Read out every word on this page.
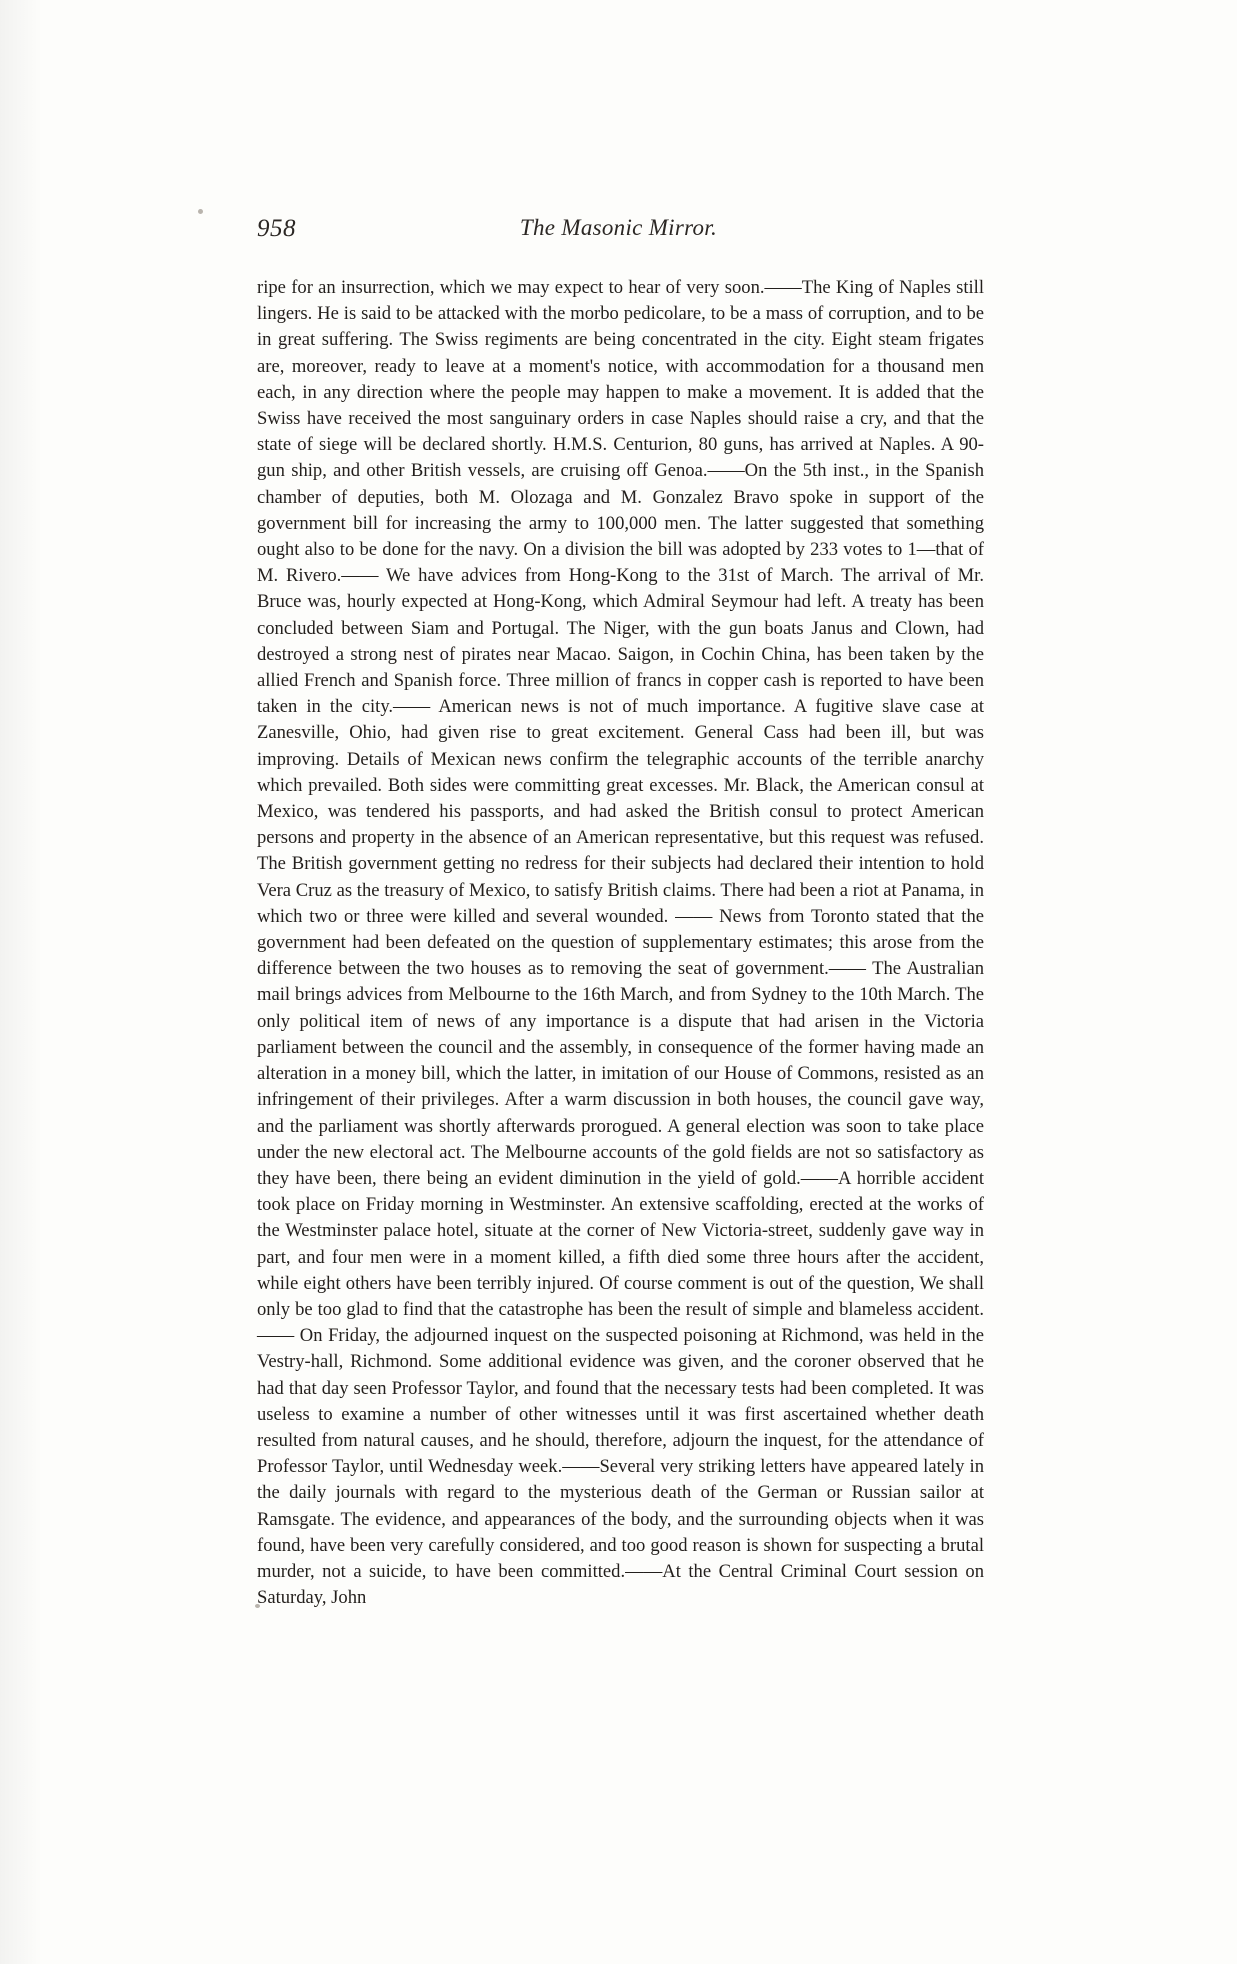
958	The Masonic Mirror.

ripe for an insurrection, which we may expect to hear of very soon.——The King of Naples still lingers. He is said to be attacked with the morbo pedicolare, to be a mass of corruption, and to be in great suffering. The Swiss regiments are being concentrated in the city. Eight steam frigates are, moreover, ready to leave at a moment's notice, with accommodation for a thousand men each, in any direction where the people may happen to make a movement. It is added that the Swiss have received the most sanguinary orders in case Naples should raise a cry, and that the state of siege will be declared shortly. H.M.S. Centurion, 80 guns, has arrived at Naples. A 90-gun ship, and other British vessels, are cruising off Genoa.——On the 5th inst., in the Spanish chamber of deputies, both M. Olozaga and M. Gonzalez Bravo spoke in support of the government bill for increasing the army to 100,000 men. The latter suggested that something ought also to be done for the navy. On a division the bill was adopted by 233 votes to 1—that of M. Rivero.—— We have advices from Hong-Kong to the 31st of March. The arrival of Mr. Bruce was, hourly expected at Hong-Kong, which Admiral Seymour had left. A treaty has been concluded between Siam and Portugal. The Niger, with the gun boats Janus and Clown, had destroyed a strong nest of pirates near Macao. Saigon, in Cochin China, has been taken by the allied French and Spanish force. Three million of francs in copper cash is reported to have been taken in the city.—— American news is not of much importance. A fugitive slave case at Zanesville, Ohio, had given rise to great excitement. General Cass had been ill, but was improving. Details of Mexican news confirm the telegraphic accounts of the terrible anarchy which prevailed. Both sides were committing great excesses. Mr. Black, the American consul at Mexico, was tendered his passports, and had asked the British consul to protect American persons and property in the absence of an American representative, but this request was refused. The British government getting no redress for their subjects had declared their intention to hold Vera Cruz as the treasury of Mexico, to satisfy British claims. There had been a riot at Panama, in which two or three were killed and several wounded. —— News from Toronto stated that the government had been defeated on the question of supplementary estimates; this arose from the difference between the two houses as to removing the seat of government.—— The Australian mail brings advices from Melbourne to the 16th March, and from Sydney to the 10th March. The only political item of news of any importance is a dispute that had arisen in the Victoria parliament between the council and the assembly, in consequence of the former having made an alteration in a money bill, which the latter, in imitation of our House of Commons, resisted as an infringement of their privileges. After a warm discussion in both houses, the council gave way, and the parliament was shortly afterwards prorogued. A general election was soon to take place under the new electoral act. The Melbourne accounts of the gold fields are not so satisfactory as they have been, there being an evident diminution in the yield of gold.——A horrible accident took place on Friday morning in Westminster. An extensive scaffolding, erected at the works of the Westminster palace hotel, situate at the corner of New Victoria-street, suddenly gave way in part, and four men were in a moment killed, a fifth died some three hours after the accident, while eight others have been terribly injured. Of course comment is out of the question, We shall only be too glad to find that the catastrophe has been the result of simple and blameless accident.—— On Friday, the adjourned inquest on the suspected poisoning at Richmond, was held in the Vestry-hall, Richmond. Some additional evidence was given, and the coroner observed that he had that day seen Professor Taylor, and found that the necessary tests had been completed. It was useless to examine a number of other witnesses until it was first ascertained whether death resulted from natural causes, and he should, therefore, adjourn the inquest, for the attendance of Professor Taylor, until Wednesday week.——Several very striking letters have appeared lately in the daily journals with regard to the mysterious death of the German or Russian sailor at Ramsgate. The evidence, and appearances of the body, and the surrounding objects when it was found, have been very carefully considered, and too good reason is shown for suspecting a brutal murder, not a suicide, to have been committed.——At the Central Criminal Court session on Saturday, John
